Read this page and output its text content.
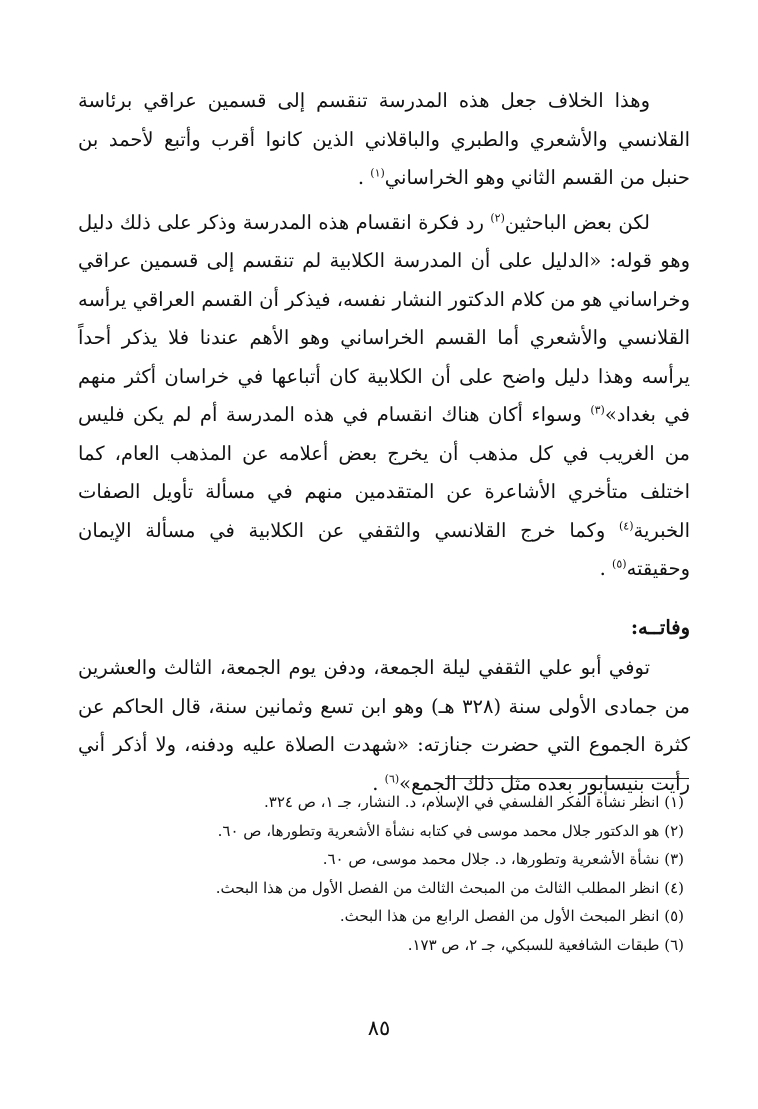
وهذا الخلاف جعل هذه المدرسة تنقسم إلى قسمين عراقي برئاسة القلانسي والأشعري والطبري والباقلاني الذين كانوا أقرب وأتبع لأحمد بن حنبل من القسم الثاني وهو الخراساني$^{(١)}$ .

لكن بعض الباحثين$^{(٢)}$ رد فكرة انقسام هذه المدرسة وذكر على ذلك دليل وهو قوله: «الدليل على أن المدرسة الكلابية لم تنقسم إلى قسمين عراقي وخراساني هو من كلام الدكتور النشار نفسه، فيذكر أن القسم العراقي يرأسه القلانسي والأشعري أما القسم الخراساني وهو الأهم عندنا فلا يذكر أحداً يرأسه وهذا دليل واضح على أن الكلابية كان أتباعها في خراسان أكثر منهم في بغداد»$^{(٣)}$ وسواء أكان هناك انقسام في هذه المدرسة أم لم يكن فليس من الغريب في كل مذهب أن يخرج بعض أعلامه عن المذهب العام، كما اختلف متأخري الأشاعرة عن المتقدمين منهم في مسألة تأويل الصفات الخبرية$^{(٤)}$ وكما خرج القلانسي والثقفي عن الكلابية في مسألة الإيمان وحقيقته$^{(٥)}$ .

وفاتــه:

توفي أبو علي الثقفي ليلة الجمعة، ودفن يوم الجمعة، الثالث والعشرين من جمادى الأولى سنة (٣٢٨ هـ) وهو ابن تسع وثمانين سنة، قال الحاكم عن كثرة الجموع التي حضرت جنازته: «شهدت الصلاة عليه ودفنه، ولا أذكر أني رأيت بنيسابور بعده مثل ذلك الجمع»$^{(٦)}$ .

(١) انظر نشأة الفكر الفلسفي في الإسلام، د. النشار، جـ ١، ص ٣٢٤.
(٢) هو الدكتور جلال محمد موسى في كتابه نشأة الأشعرية وتطورها، ص ٦٠.
(٣) نشأة الأشعرية وتطورها، د. جلال محمد موسى، ص ٦٠.
(٤) انظر المطلب الثالث من المبحث الثالث من الفصل الأول من هذا البحث.
(٥) انظر المبحث الأول من الفصل الرابع من هذا البحث.
(٦) طبقات الشافعية للسبكي، جـ ٢، ص ١٧٣.
٨٥
